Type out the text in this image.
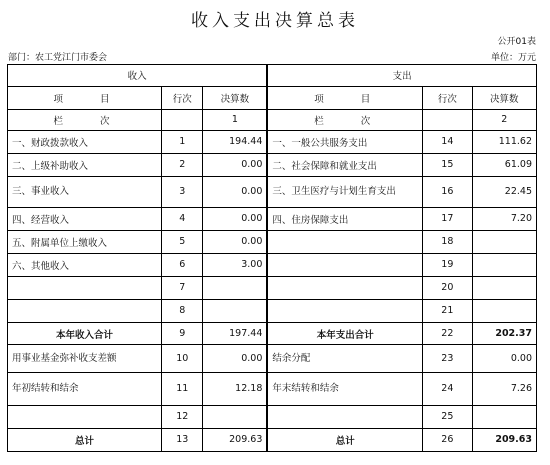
收入支出决算总表
公开01表
部门：农工党江门市委会	单位：万元
收入			支出		
项　　目	行次	决算数	项　　目	行次	决算数
栏　　次		1	栏　　次		2
一、财政拨款收入	1	194.44	一、一般公共服务支出	14	111.62
二、上级补助收入	2	0.00	二、社会保障和就业支出	15	61.09
三、事业收入	3	0.00	三、卫生医疗与计划生育支出	16	22.45
四、经营收入	4	0.00	四、住房保障支出	17	7.20
五、附属单位上缴收入	5	0.00		18	
六、其他收入	6	3.00		19	
	7			20	
	8			21	
本年收入合计	9	197.44	本年支出合计	22	202.37
用事业基金弥补收支差额	10	0.00	结余分配	23	0.00
年初结转和结余	11	12.18	年末结转和结余	24	7.26
	12			25	
总计	13	209.63	总计	26	209.63
